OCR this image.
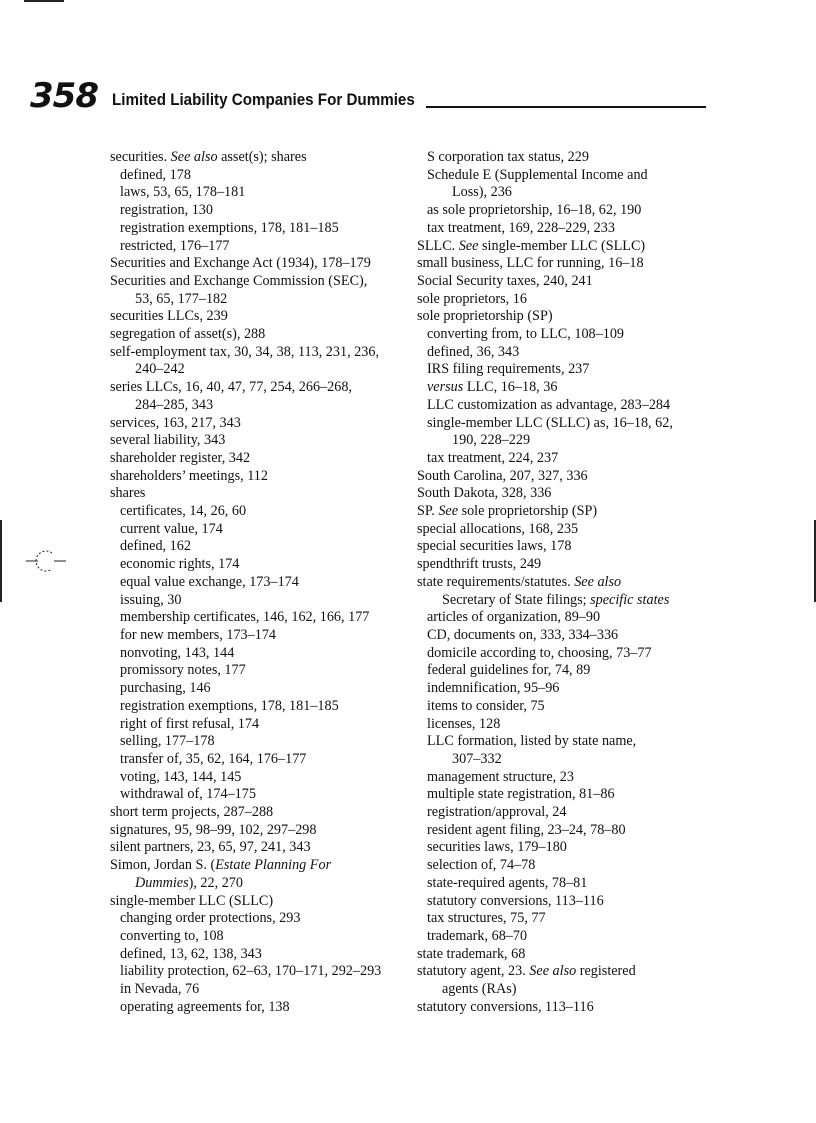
358 Limited Liability Companies For Dummies
securities. See also asset(s); shares
defined, 178
laws, 53, 65, 178–181
registration, 130
registration exemptions, 178, 181–185
restricted, 176–177
Securities and Exchange Act (1934), 178–179
Securities and Exchange Commission (SEC),
53, 65, 177–182
securities LLCs, 239
segregation of asset(s), 288
self-employment tax, 30, 34, 38, 113, 231, 236,
240–242
series LLCs, 16, 40, 47, 77, 254, 266–268,
284–285, 343
services, 163, 217, 343
several liability, 343
shareholder register, 342
shareholders’ meetings, 112
shares
certificates, 14, 26, 60
current value, 174
defined, 162
economic rights, 174
equal value exchange, 173–174
issuing, 30
membership certificates, 146, 162, 166, 177
for new members, 173–174
nonvoting, 143, 144
promissory notes, 177
purchasing, 146
registration exemptions, 178, 181–185
right of first refusal, 174
selling, 177–178
transfer of, 35, 62, 164, 176–177
voting, 143, 144, 145
withdrawal of, 174–175
short term projects, 287–288
signatures, 95, 98–99, 102, 297–298
silent partners, 23, 65, 97, 241, 343
Simon, Jordan S. (Estate Planning For
Dummies), 22, 270
single-member LLC (SLLC)
changing order protections, 293
converting to, 108
defined, 13, 62, 138, 343
liability protection, 62–63, 170–171, 292–293
in Nevada, 76
operating agreements for, 138
S corporation tax status, 229
Schedule E (Supplemental Income and
Loss), 236
as sole proprietorship, 16–18, 62, 190
tax treatment, 169, 228–229, 233
SLLC. See single-member LLC (SLLC)
small business, LLC for running, 16–18
Social Security taxes, 240, 241
sole proprietors, 16
sole proprietorship (SP)
converting from, to LLC, 108–109
defined, 36, 343
IRS filing requirements, 237
versus LLC, 16–18, 36
LLC customization as advantage, 283–284
single-member LLC (SLLC) as, 16–18, 62,
190, 228–229
tax treatment, 224, 237
South Carolina, 207, 327, 336
South Dakota, 328, 336
SP. See sole proprietorship (SP)
special allocations, 168, 235
special securities laws, 178
spendthrift trusts, 249
state requirements/statutes. See also
Secretary of State filings; specific states
articles of organization, 89–90
CD, documents on, 333, 334–336
domicile according to, choosing, 73–77
federal guidelines for, 74, 89
indemnification, 95–96
items to consider, 75
licenses, 128
LLC formation, listed by state name,
307–332
management structure, 23
multiple state registration, 81–86
registration/approval, 24
resident agent filing, 23–24, 78–80
securities laws, 179–180
selection of, 74–78
state-required agents, 78–81
statutory conversions, 113–116
tax structures, 75, 77
trademark, 68–70
state trademark, 68
statutory agent, 23. See also registered
agents (RAs)
statutory conversions, 113–116
